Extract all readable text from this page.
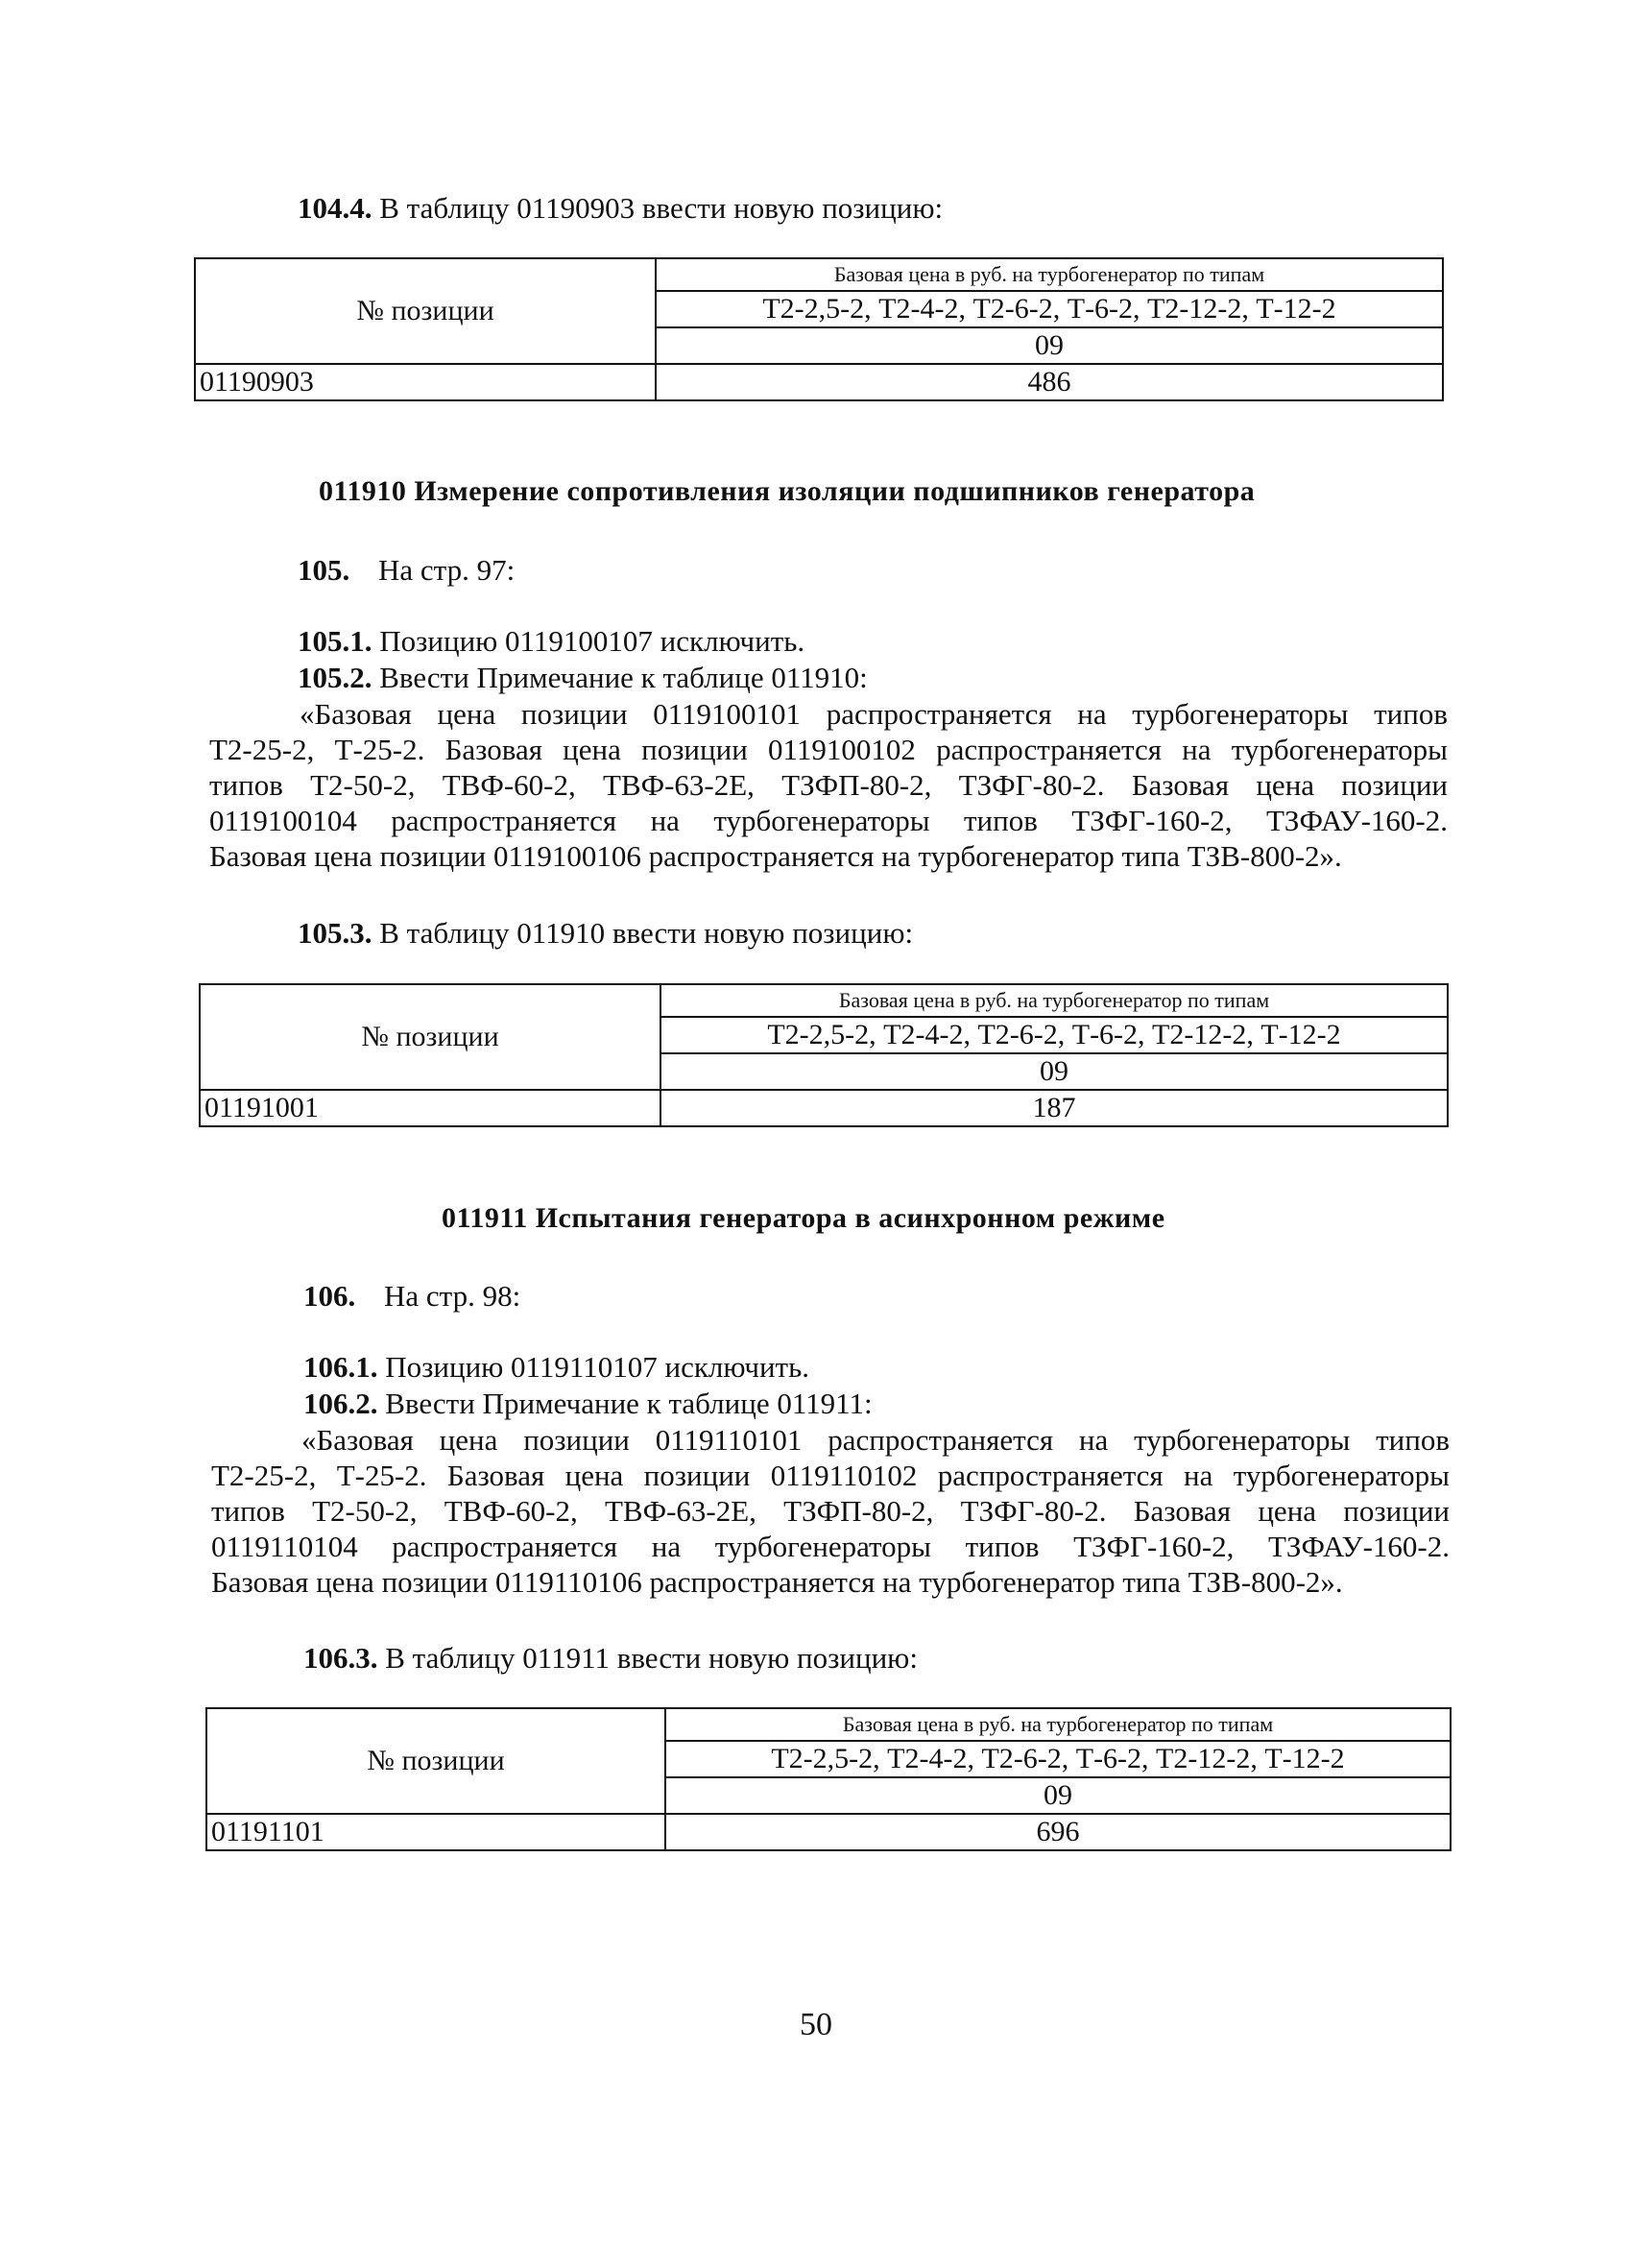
104.4. В таблицу 01190903 ввести новую позицию:
№ позиции	Базовая цена в руб. на турбогенератор по типам
	Т2-2,5-2, Т2-4-2, Т2-6-2, Т-6-2, Т2-12-2, Т-12-2
	09
01190903	486
011910 Измерение сопротивления изоляции подшипников генератора
105. На стр. 97:
105.1. Позицию 0119100107 исключить.
105.2. Ввести Примечание к таблице 011910:

«Базовая цена позиции 0119100101 распространяется на турбогенераторы типов

Т2-25-2, Т-25-2. Базовая цена позиции 0119100102 распространяется на турбогенераторы

типов Т2-50-2, ТВФ-60-2, ТВФ-63-2Е, ТЗФП-80-2, ТЗФГ-80-2. Базовая цена позиции

0119100104 распространяется на турбогенераторы типов ТЗФГ-160-2, ТЗФАУ-160-2.

Базовая цена позиции 0119100106 распространяется на турбогенератор типа ТЗВ-800-2».

105.3. В таблицу 011910 ввести новую позицию:
№ позиции	Базовая цена в руб. на турбогенератор по типам
	Т2-2,5-2, Т2-4-2, Т2-6-2, Т-6-2, Т2-12-2, Т-12-2
	09
01191001	187
011911 Испытания генератора в асинхронном режиме
106. На стр. 98:
106.1. Позицию 0119110107 исключить.
106.2. Ввести Примечание к таблице 011911:

«Базовая цена позиции 0119110101 распространяется на турбогенераторы типов

Т2-25-2, Т-25-2. Базовая цена позиции 0119110102 распространяется на турбогенераторы

типов Т2-50-2, ТВФ-60-2, ТВФ-63-2Е, ТЗФП-80-2, ТЗФГ-80-2. Базовая цена позиции

0119110104 распространяется на турбогенераторы типов ТЗФГ-160-2, ТЗФАУ-160-2.

Базовая цена позиции 0119110106 распространяется на турбогенератор типа ТЗВ-800-2».

106.3. В таблицу 011911 ввести новую позицию:
№ позиции	Базовая цена в руб. на турбогенератор по типам
	Т2-2,5-2, Т2-4-2, Т2-6-2, Т-6-2, Т2-12-2, Т-12-2
	09
01191101	696
50
